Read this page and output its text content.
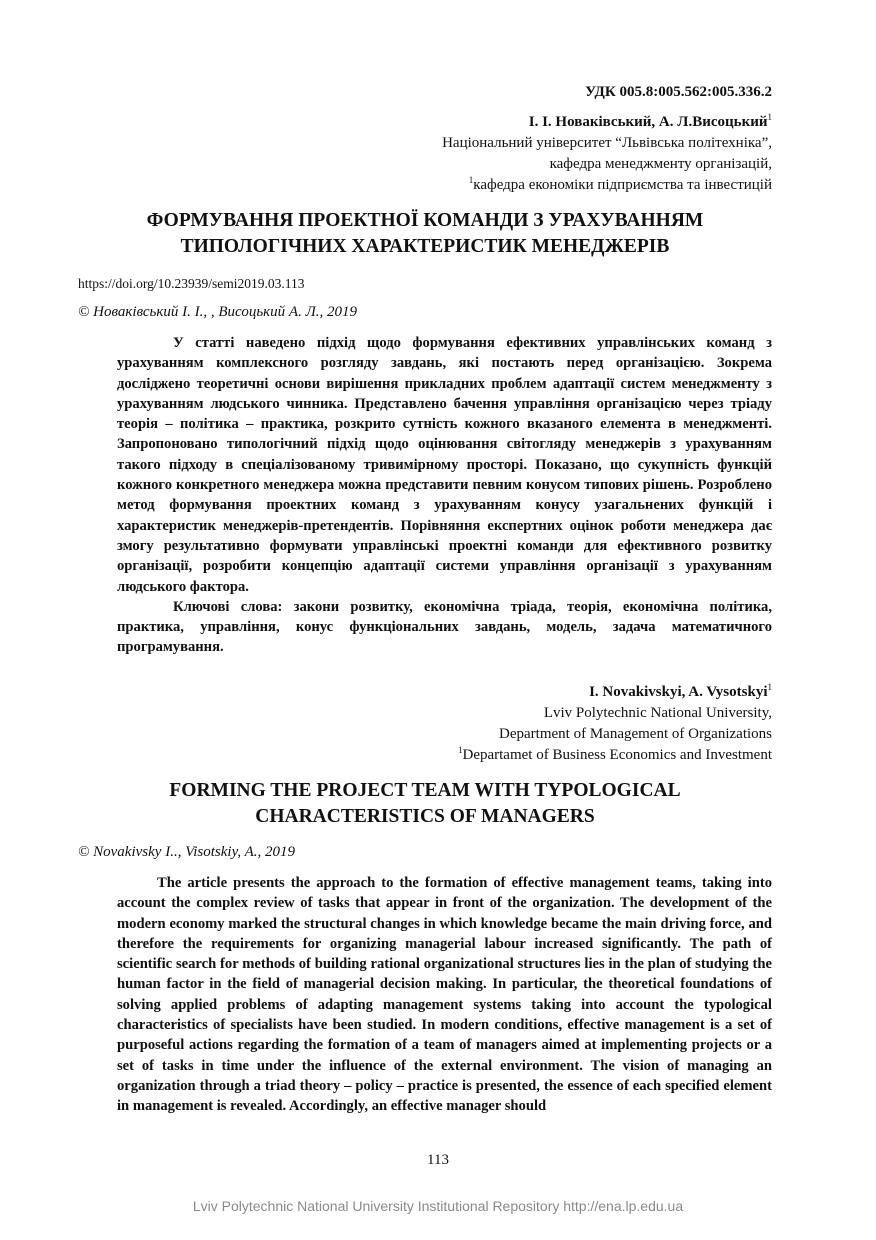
УДК 005.8:005.562:005.336.2
І. І. Новаківський, А. Л.Висоцький$^1$
Національний університет “Львівська політехніка”,
кафедра менеджменту організацій,
$^1$кафедра економіки підприємства та інвестицій
ФОРМУВАННЯ ПРОЕКТНОЇ КОМАНДИ З УРАХУВАННЯМ
ТИПОЛОГІЧНИХ ХАРАКТЕРИСТИК МЕНЕДЖЕРІВ
https://doi.org/10.23939/semi2019.03.113
© Новаківський І. І., , Висоцький А. Л., 2019

У статті наведено підхід щодо формування ефективних управлінських команд з урахуванням комплексного розгляду завдань, які постають перед організацією. Зокрема досліджено теоретичні основи вирішення прикладних проблем адаптації систем менеджменту з урахуванням людського чинника. Представлено бачення управління організацією через тріаду теорія – політика – практика, розкрито сутність кожного вказаного елемента в менеджменті. Запропоновано типологічний підхід щодо оцінювання світогляду менеджерів з урахуванням такого підходу в спеціалізованому тривимірному просторі. Показано, що сукупність функцій кожного конкретного менеджера можна представити певним конусом типових рішень. Розроблено метод формування проектних команд з урахуванням конусу узагальнених функцій і характеристик менеджерів-претендентів. Порівняння експертних оцінок роботи менеджера дає змогу результативно формувати управлінські проектні команди для ефективного розвитку організації, розробити концепцію адаптації системи управління організації з урахуванням людського фактора.

Ключові слова: закони розвитку, економічна тріада, теорія, економічна політика, практика, управління, конус функціональних завдань, модель, задача математичного програмування.

I. Novakivskyi, A. Vysotskyi$^1$
Lviv Polytechnic National University,
Department of Management of Organizations
$^1$Departamet of Business Economics and Investment
FORMING THE PROJECT TEAM WITH TYPOLOGICAL
CHARACTERISTICS OF MANAGERS
© Novakivsky I.., Visotskiy, A., 2019

The article presents the approach to the formation of effective management teams, taking into account the complex review of tasks that appear in front of the organization. The development of the modern economy marked the structural changes in which knowledge became the main driving force, and therefore the requirements for organizing managerial labour increased significantly. The path of scientific search for methods of building rational organizational structures lies in the plan of studying the human factor in the field of managerial decision making. In particular, the theoretical foundations of solving applied problems of adapting management systems taking into account the typological characteristics of specialists have been studied. In modern conditions, effective management is a set of purposeful actions regarding the formation of a team of managers aimed at implementing projects or a set of tasks in time under the influence of the external environment. The vision of managing an organization through a triad theory – policy – practice is presented, the essence of each specified element in management is revealed. Accordingly, an effective manager should

113
Lviv Polytechnic National University Institutional Repository http://ena.lp.edu.ua
